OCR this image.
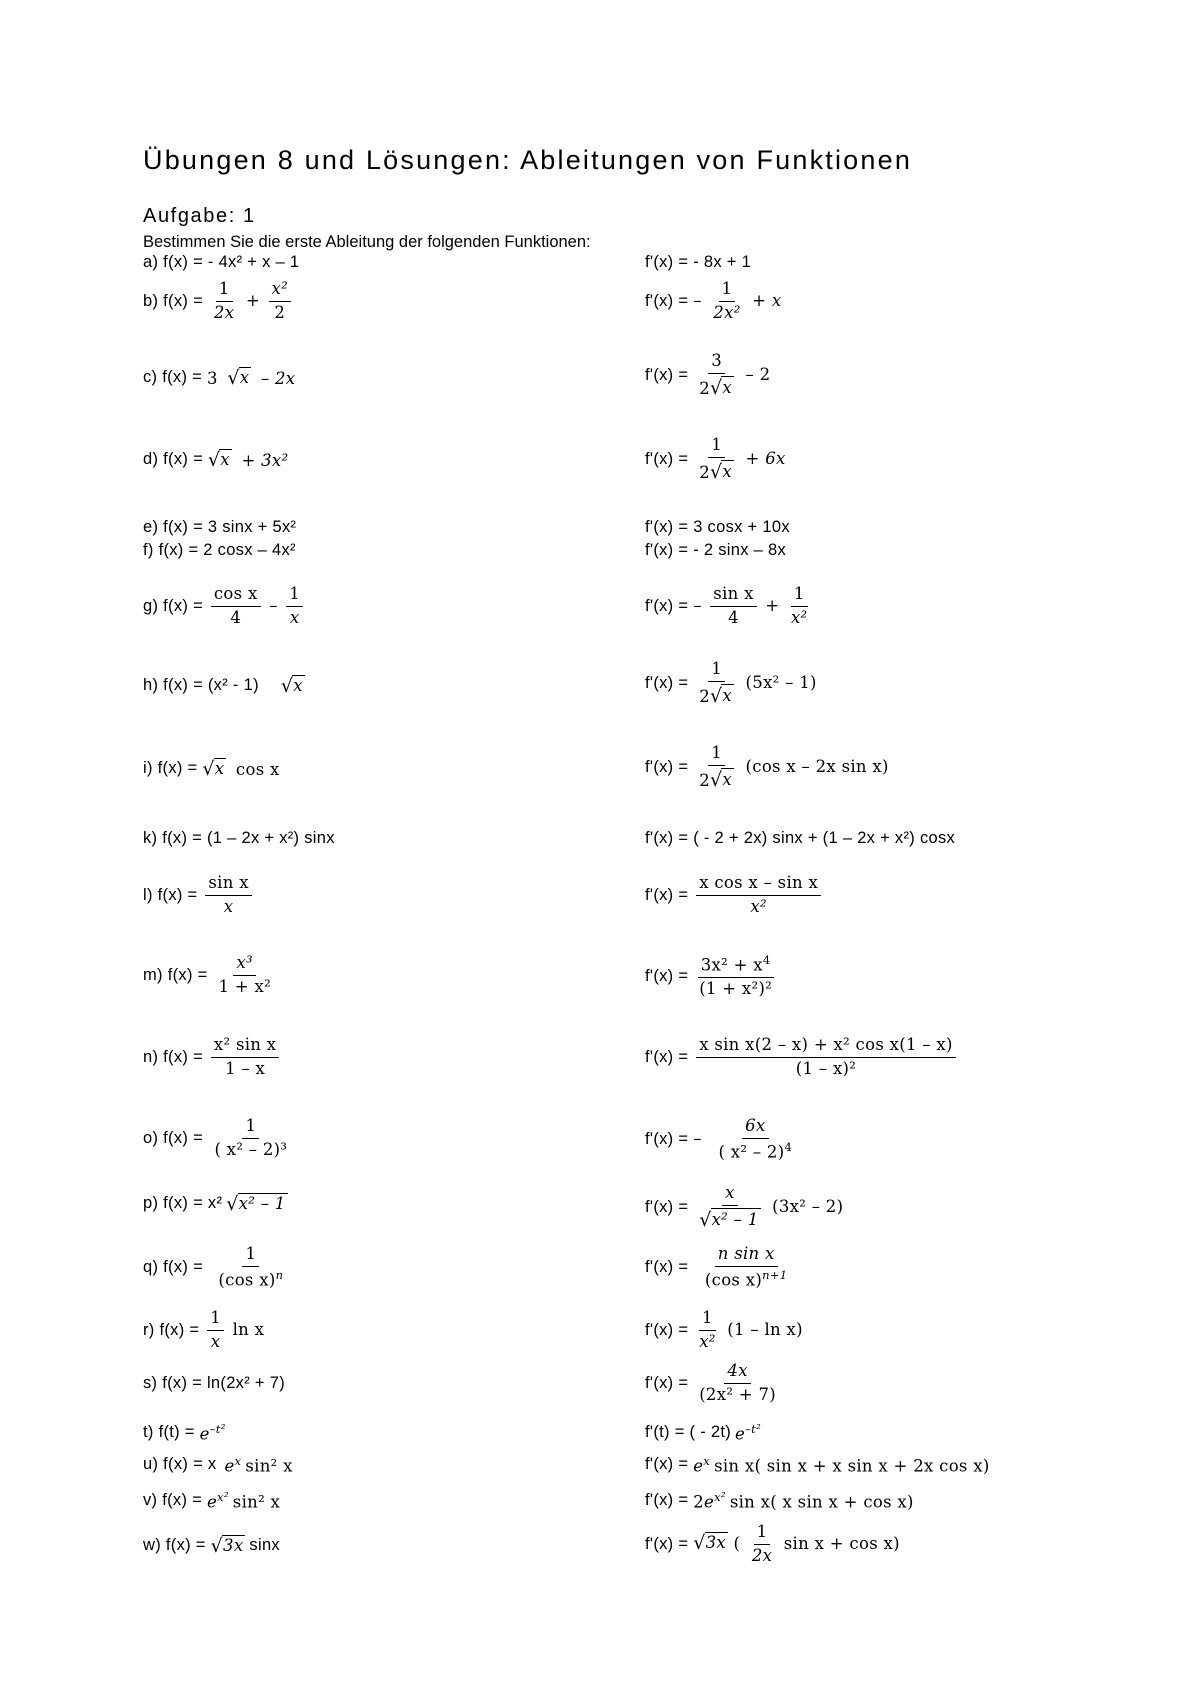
Übungen 8 und Lösungen: Ableitungen von Funktionen
Aufgabe: 1
Bestimmen Sie die erste Ableitung der folgenden Funktionen:
a) f(x) = - 4x² + x – 1	f'(x) = - 8x + 1
b) $f(x) = \frac{1}{2x} + \frac{\text{x²}}{2}$	f'(x) = – $\frac{1}{\text{2x²}} + x$
c) f(x) = 3 √ x – 2x	$f'(x) = \frac{3}{2 √ x} - 2$
d) f(x) = √ x + 3x²	$f'(x) = \frac{1}{2 √ x} + 6x$
e) f(x) = 3 sinx + 5x²	f'(x) = 3 cosx + 10x
f) f(x) = 2 cosx – 4x²	f'(x) = - 2 sinx – 8x
g) $f(x) = \frac{\text{cos x}}{4} - \frac{1}{x}$	f'(x) = – $\frac{\text{sin x}}{4} + \frac{1}{\text{x²}}$
h) f(x) = (x² - 1) √ x	$f'(x) = \frac{1}{2 √ x} (5x^2 - 1)$
i) f(x) = √ x cos x	$f'(x) = \frac{1}{2 √ x} (\cos$ x – 2x sin x)
k) f(x) = (1 – 2x + x²) sinx	f'(x) = ( - 2 + 2x) sinx + (1 – 2x + x²) cosx
l) $f(x) = \frac{\text{sin x}}{x}$	$f'(x) = \frac{\text{x cos x – sin x}}{\text{x²}}$
m) $f(x) = \frac{\text{x³}}{\text{1 + x²}}$	$f'(x) = \frac{3x^2 + x^4}{\text{(1 + x²)²}}$
n) $f(x) = \frac{\text{x² sin x}}{1 - x}$	$f'(x) = \frac{\text{x sin x(2 – x) + x² cos x(1 – x)}}{\text{(1 – x)²}}$
o) $f(x) = \frac{1}{\text{( x² – 2)³}}$	f'(x) = – $\frac{6x}{( x^2 - 2)^4}$
p) f(x) = x² √ x² – 1	$f'(x) = \frac{x}{\text{√ x² – 1}} (3x^2 - 2)$
q) $f(x) = \frac{1}{(\cos x)^n}$	$f'(x) = \frac{\text{n sin x}}{(\cos x)^{n+1}}$
r) $f(x) = \frac{1}{x}$ ln x	$f'(x) = \frac{1}{\text{x²}} (1 - \ln x)$
s) f(x) = ln(2x² + 7)	$f'(x) = \frac{4x}{\text{(2x² + 7)}}$
t) $f(t) = e^{-t^2}$	f'(t) = ( - 2t) $e^{-t^2}$
u) f(x) = x $e^x$ sin² x	$f'(x) = e^x$ sin x( sin x + x sin x + 2x cos x)
v) $f(x) = e^{x^2}$ sin² x	$f'(x) = 2e^{x^2}$ sin x( x sin x + cos x)
w) f(x) = √ 3x sinx	f'(x) = √ 3x ( $\frac{1}{2x}$ sin x + cos x)
